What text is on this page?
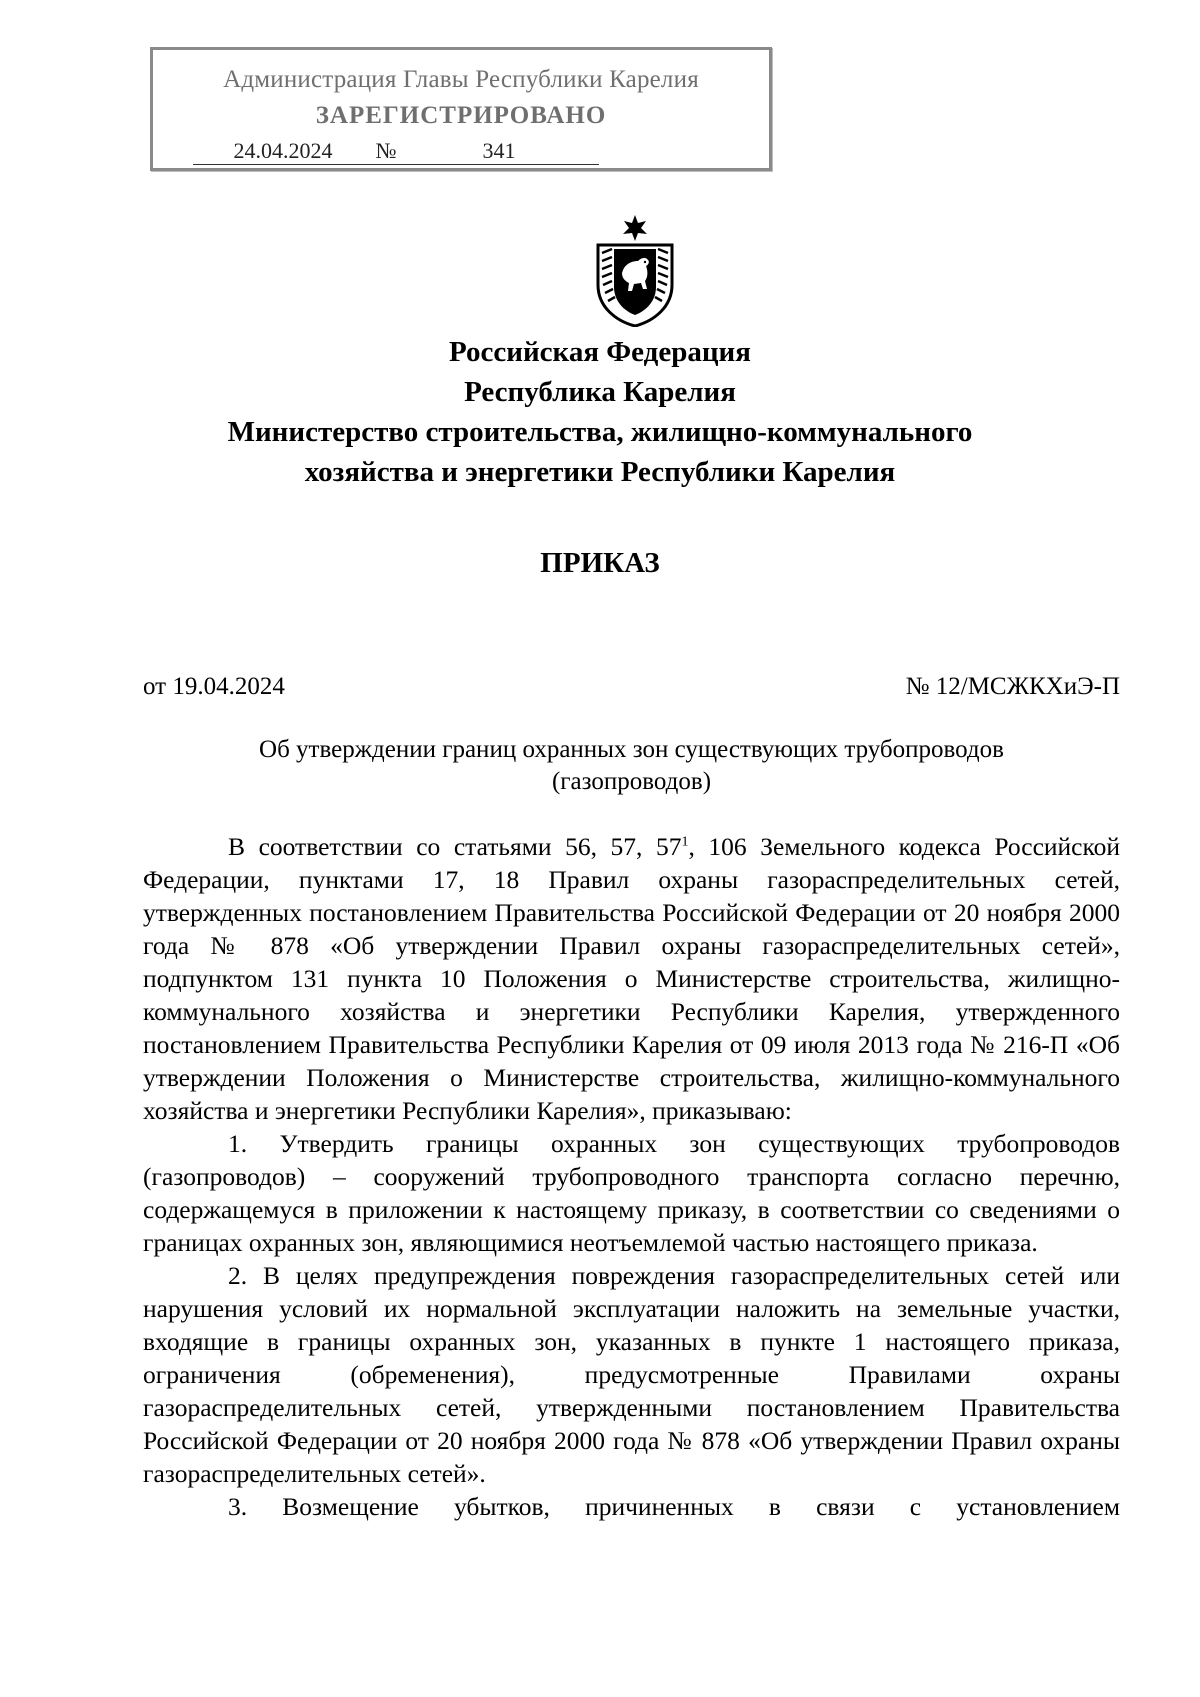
Администрация Главы Республики Карелия
ЗАРЕГИСТРИРОВАНО
24.04.2024 №	341
Российская Федерация
Республика Карелия
Министерство строительства, жилищно-коммунального
хозяйства и энергетики Республики Карелия
ПРИКАЗ
от 19.04.2024	№ 12/МСЖКХиЭ-П
Об утверждении границ охранных зон существующих трубопроводов
(газопроводов)

В соответствии со статьями 56, 57, $57^1$, 106 Земельного кодекса Российской Федерации, пунктами 17, 18 Правил охраны газораспределительных сетей, утвержденных постановлением Правительства Российской Федерации от 20 ноября 2000 года № 878 «Об утверждении Правил охраны газораспределительных сетей», подпунктом 131 пункта 10 Положения о Министерстве строительства, жилищно-коммунального хозяйства и энергетики Республики Карелия, утвержденного постановлением Правительства Республики Карелия от 09 июля 2013 года № 216-П «Об утверждении Положения о Министерстве строительства, жилищно-коммунального хозяйства и энергетики Республики Карелия», приказываю:

1. Утвердить границы охранных зон существующих трубопроводов (газопроводов) – сооружений трубопроводного транспорта согласно перечню, содержащемуся в приложении к настоящему приказу, в соответствии со сведениями о границах охранных зон, являющимися неотъемлемой частью настоящего приказа.

2. В целях предупреждения повреждения газораспределительных сетей или нарушения условий их нормальной эксплуатации наложить на земельные участки, входящие в границы охранных зон, указанных в пункте 1 настоящего приказа, ограничения (обременения), предусмотренные Правилами охраны газораспределительных сетей, утвержденными постановлением Правительства Российской Федерации от 20 ноября 2000 года № 878 «Об утверждении Правил охраны газораспределительных сетей».

3. Возмещение убытков, причиненных в связи с установлением
